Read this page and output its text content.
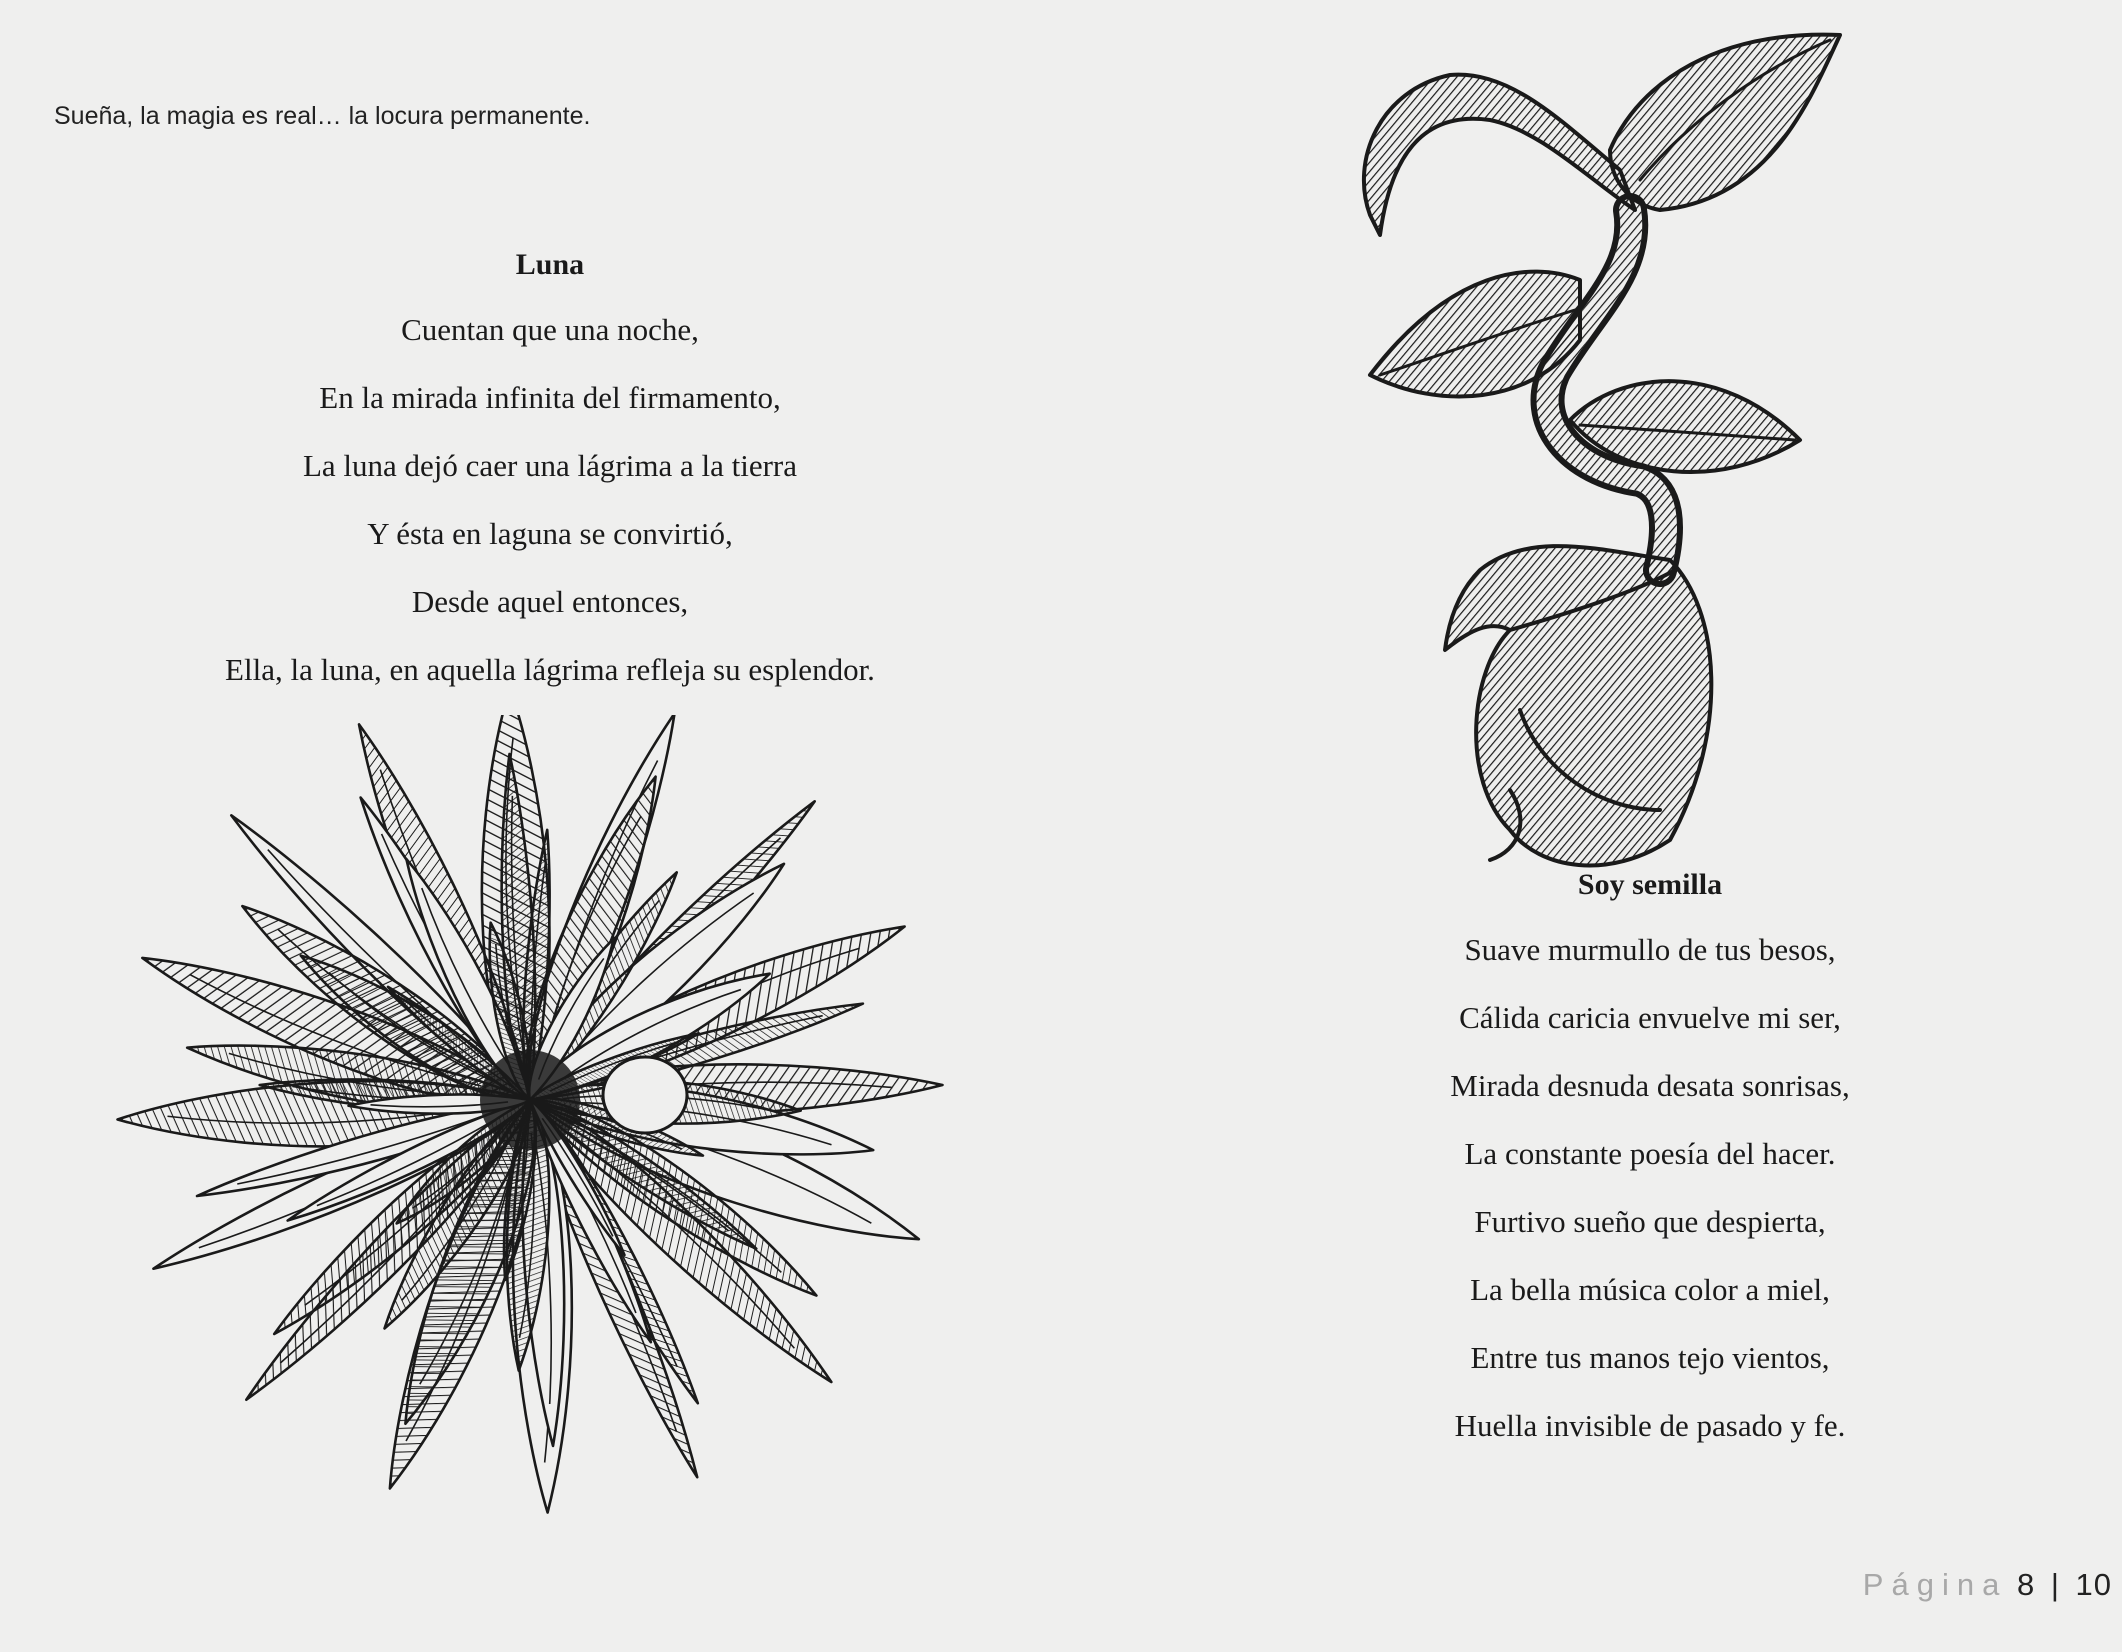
Sueña, la magia es real… la locura permanente.

Luna

Cuentan que una noche,

En la mirada infinita del firmamento,

La luna dejó caer una lágrima a la tierra

Y ésta en laguna se convirtió,

Desde aquel entonces,

Ella, la luna, en aquella lágrima refleja su esplendor.

Soy semilla

Suave murmullo de tus besos,

Cálida caricia envuelve mi ser,

Mirada desnuda desata sonrisas,

La constante poesía del hacer.

Furtivo sueño que despierta,

La bella música color a miel,

Entre tus manos tejo vientos,

Huella invisible de pasado y fe.

Página 8 | 10
